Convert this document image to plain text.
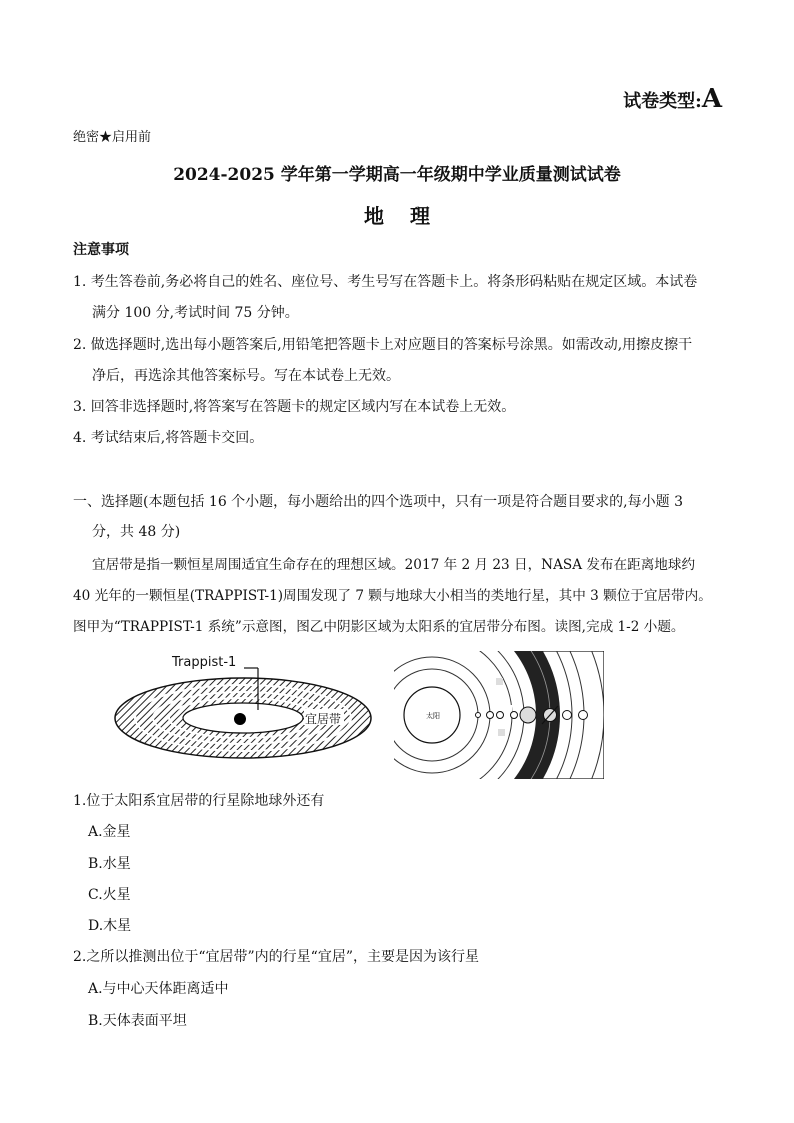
试卷类型:A
绝密★启用前
2024-2025 学年第一学期高一年级期中学业质量测试试卷
地理
注意事项
1. 考生答卷前,务必将自己的姓名、座位号、考生号写在答题卡上。将条形码粘贴在规定区域。本试卷
满分 100 分,考试时间 75 分钟。
2. 做选择题时,选出每小题答案后,用铅笔把答题卡上对应题目的答案标号涂黑。如需改动,用擦皮擦干
净后，再选涂其他答案标号。写在本试卷上无效。
3. 回答非选择题时,将答案写在答题卡的规定区域内写在本试卷上无效。
4. 考试结束后,将答题卡交回。
一、选择题(本题包括 16 个小题，每小题给出的四个选项中，只有一项是符合题目要求的,每小题 3
分，共 48 分)
宜居带是指一颗恒星周围适宜生命存在的理想区域。2017 年 2 月 23 日，NASA 发布在距离地球约
40 光年的一颗恒星(TRAPPIST-1)周围发现了 7 颗与地球大小相当的类地行星，其中 3 颗位于宜居带内。
图甲为“TRAPPIST-1 系统”示意图，图乙中阴影区域为太阳系的宜居带分布图。读图,完成 1-2 小题。
Trappist-1
宜居带	太阳
1.位于太阳系宜居带的行星除地球外还有
A.金星
B.水星
C.火星
D.木星
2.之所以推测出位于“宜居带”内的行星“宜居”，主要是因为该行星
A.与中心天体距离适中
B.天体表面平坦
